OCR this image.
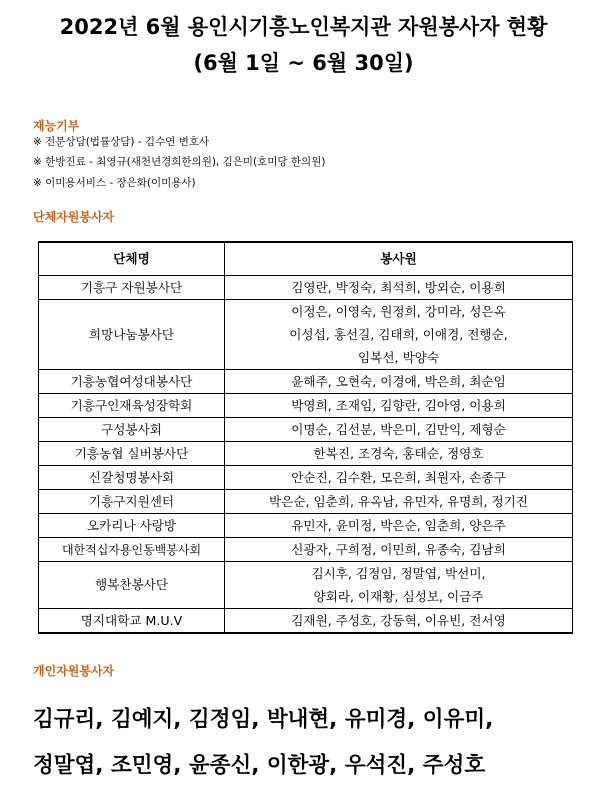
2022년 6월 용인시기흥노인복지관 자원봉사자 현황
(6월 1일 ~ 6월 30일)
재능기부
※ 전문상담(법률상담) - 김수연 변호사
※ 한방진료 - 최영규(새천년경희한의원), 김은미(호미당 한의원)
※ 이미용서비스 - 장은화(이미용사)
단체자원봉사자
단체명	봉사원
기흥구 자원봉사단	김영란, 박정숙, 최석희, 방외순, 이용희

희망나눔봉사단	이정은, 이영숙, 원정희, 강미라, 성은옥
이성섭, 홍선길, 김태희, 이애경, 전행순,
임복선, 박양숙

기흥농협여성대봉사단	윤해주, 오현숙, 이경애, 박은희, 최순임

기흥구인재육성장학회	박영희, 조재임, 김향란, 김아영, 이용희

구성봉사회	이명순, 김선분, 박은미, 김만익, 제형순

기흥농협 실버봉사단	한복진, 조경숙, 홍태순, 정영호

신갈청명봉사회	안순진, 김수환, 모은희, 최원자, 손종구

기흥구지원센터	박은순, 임춘희, 유옥남, 유민자, 유명희, 정기진

오카리나 사랑방	유민자, 윤미정, 박은순, 임춘희, 양은주

대한적십자용인동백봉사회	신광자, 구희정, 이민희, 유종숙, 김남희

행복찬봉사단	김시후, 김정임, 정말엽, 박선미,
양회라, 이재황, 심성보, 이금주

명지대학교 M.U.V	김재원, 주성호, 강동혁, 이유빈, 전서영
개인자원봉사자
김규리, 김예지, 김정임, 박내현, 유미경, 이유미,
정말엽, 조민영, 윤종신, 이한광, 우석진, 주성호
